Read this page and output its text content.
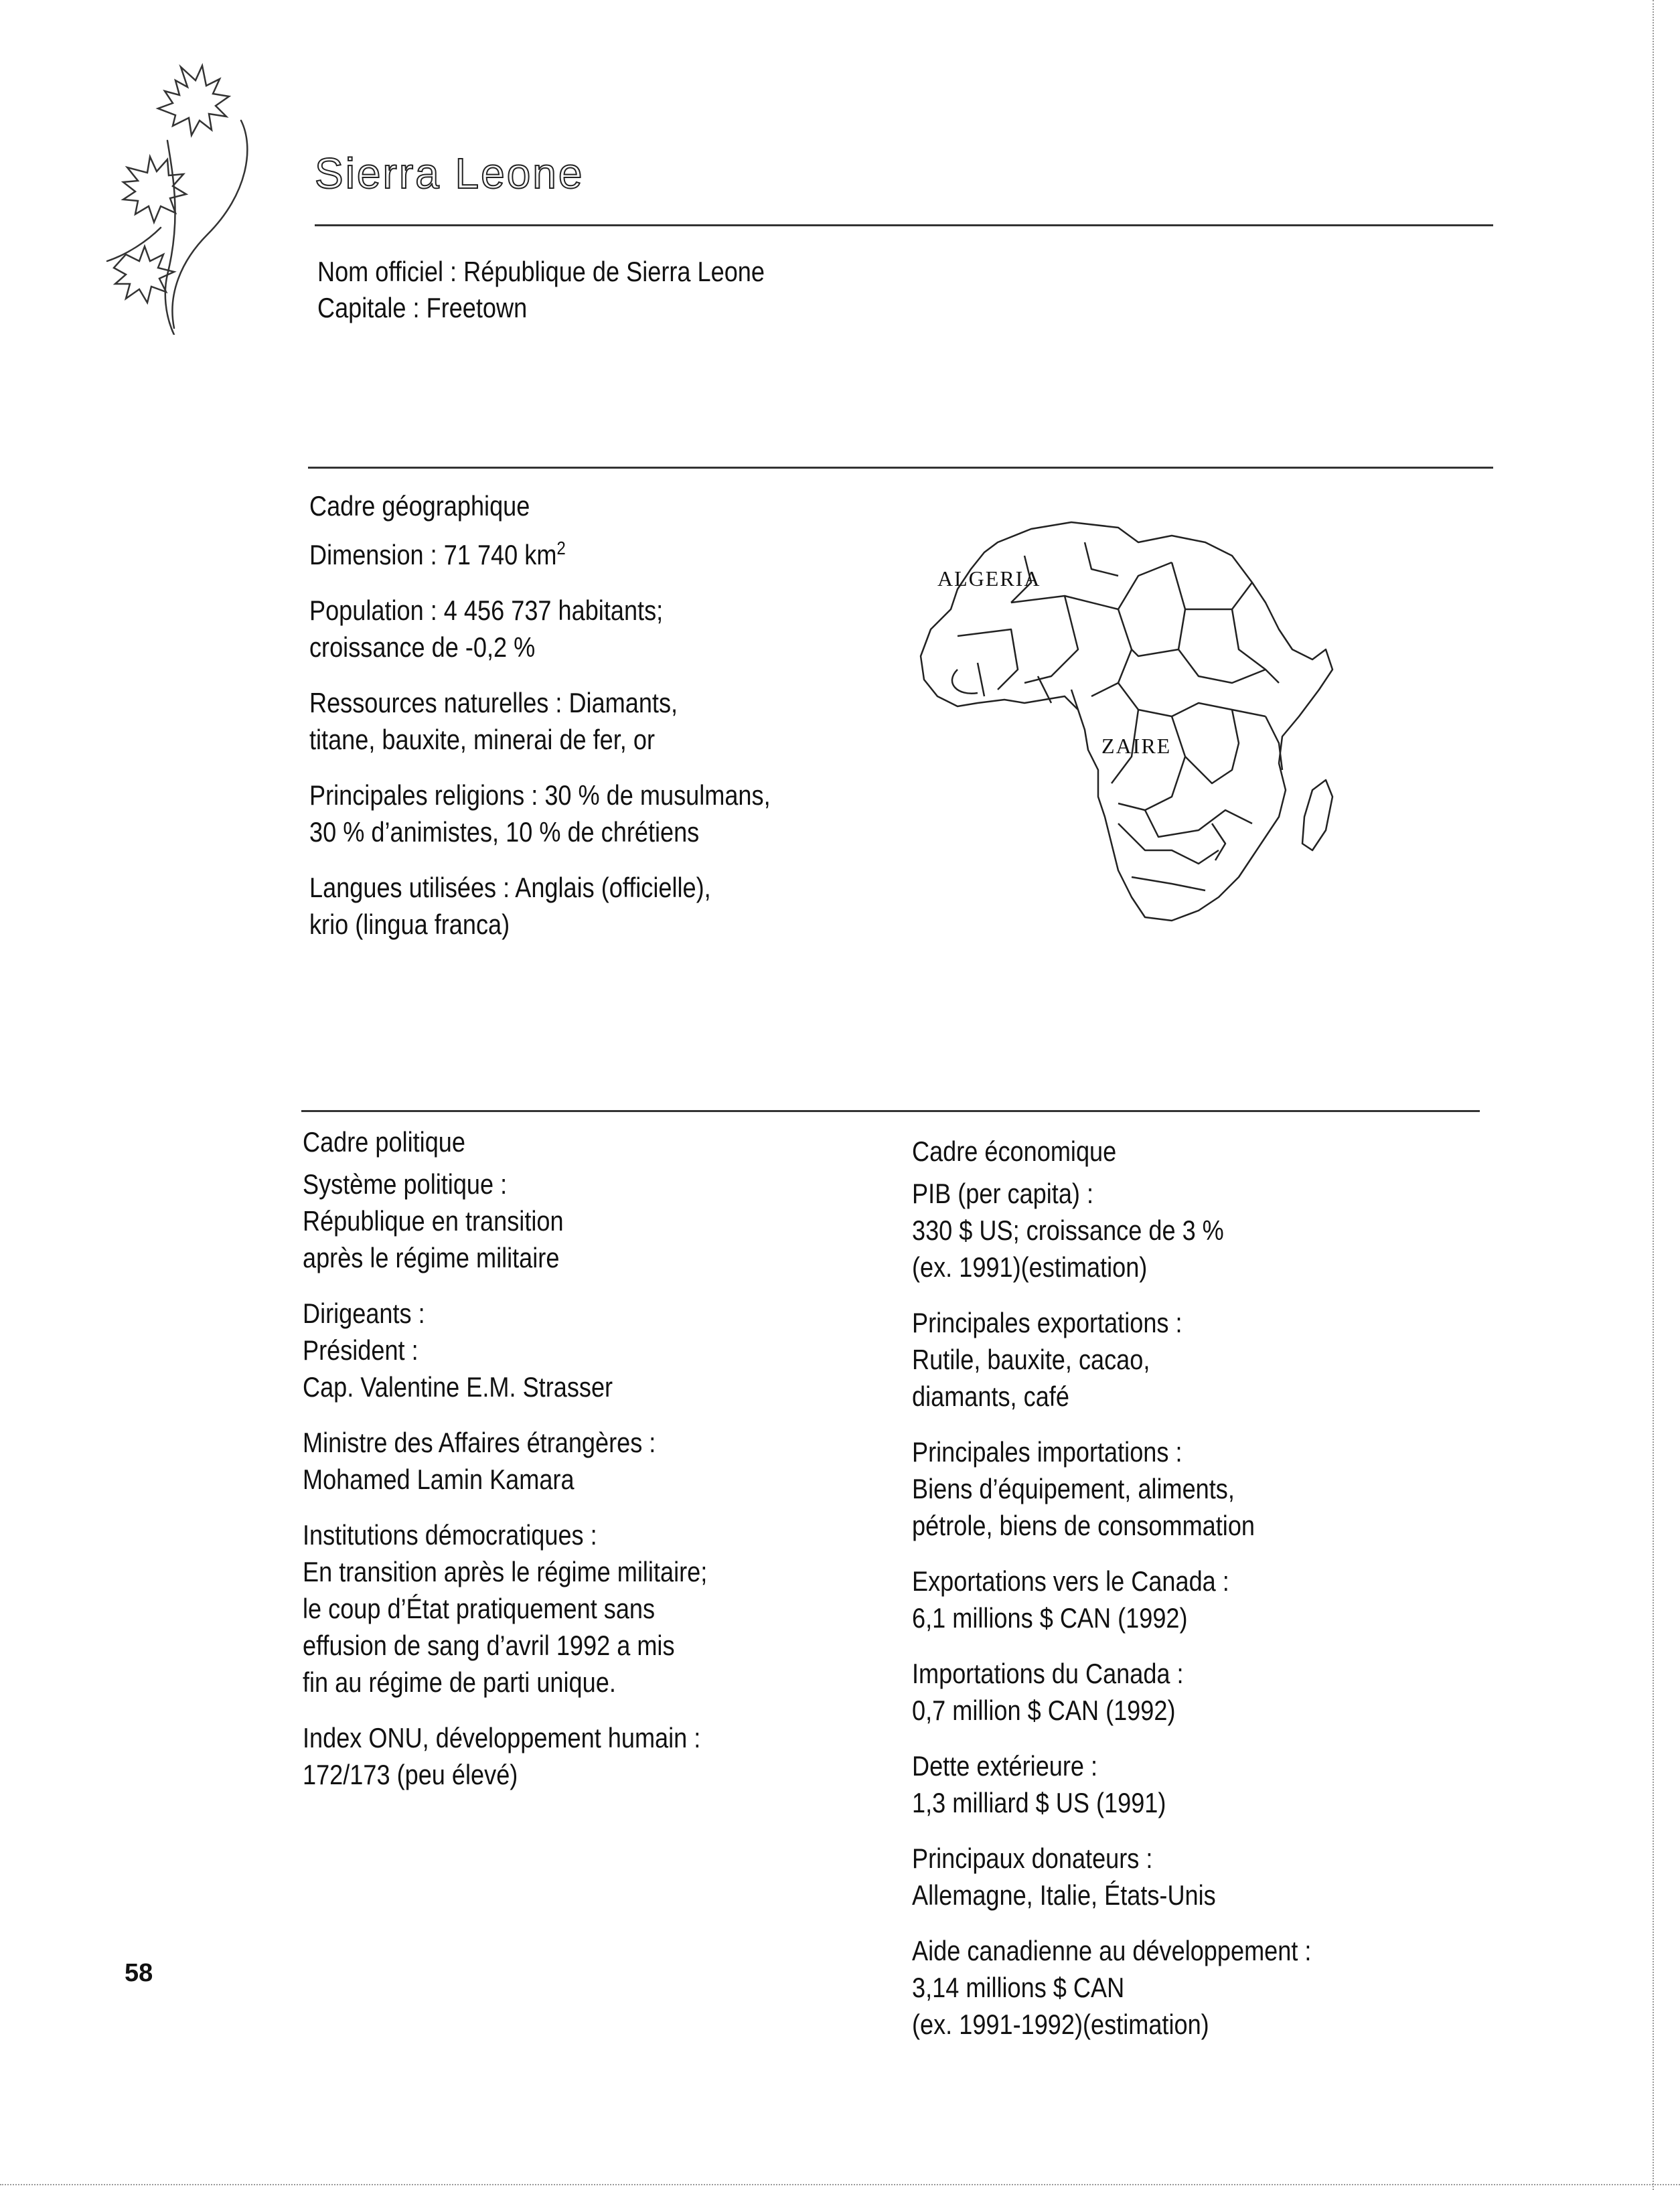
Sierra Leone
Nom officiel : République de Sierra Leone
Capitale : Freetown
Cadre géographique

Dimension : 71 740 $km^2$

Population : 4 456 737 habitants;
croissance de -0,2 %

Ressources naturelles : Diamants,
titane, bauxite, minerai de fer, or

Principales religions : 30 % de musulmans,
30 % d’animistes, 10 % de chrétiens

Langues utilisées : Anglais (officielle),
krio (lingua franca)

ALGERIA
ZAIRE
Cadre politique

Système politique :
République en transition
après le régime militaire

Dirigeants :
Président :
Cap. Valentine E.M. Strasser

Ministre des Affaires étrangères :
Mohamed Lamin Kamara

Institutions démocratiques :
En transition après le régime militaire;
le coup d’État pratiquement sans
effusion de sang d’avril 1992 a mis
fin au régime de parti unique.

Index ONU, développement humain :
172/173 (peu élevé)

Cadre économique

PIB (per capita) :
330 $ US; croissance de 3 %
(ex. 1991)(estimation)

Principales exportations :
Rutile, bauxite, cacao,
diamants, café

Principales importations :
Biens d’équipement, aliments,
pétrole, biens de consommation

Exportations vers le Canada :
6,1 millions $ CAN (1992)

Importations du Canada :
0,7 million $ CAN (1992)

Dette extérieure :
1,3 milliard $ US (1991)

Principaux donateurs :
Allemagne, Italie, États-Unis

Aide canadienne au développement :
3,14 millions $ CAN
(ex. 1991-1992)(estimation)

58
